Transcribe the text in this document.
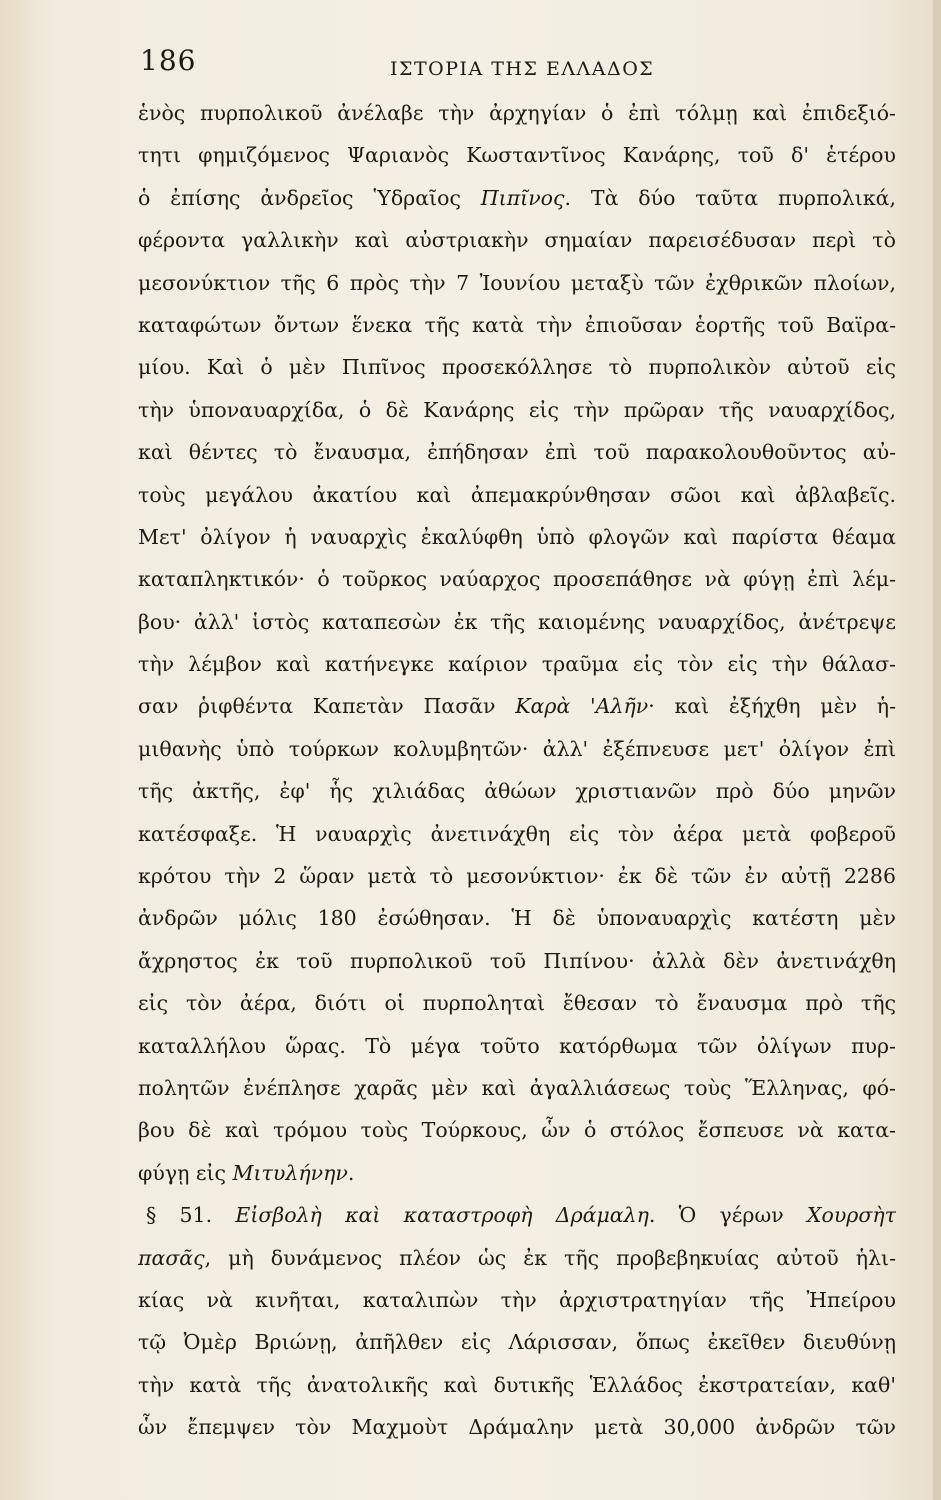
186	ΙΣΤΟΡΙΑ ΤΗΣ ΕΛΛΑΔΟΣ
ἑνὸς πυρπολικοῦ ἀνέλαβε τὴν ἀρχηγίαν ὁ ἐπὶ τόλμῃ καὶ ἐπιδεξιό-
τητι φημιζόμενος Ψαριανὸς Κωσταντῖνος Κανάρης, τοῦ δ' ἑτέρου
ὁ ἐπίσης ἀνδρεῖος Ὑδραῖος Πιπῖνος. Τὰ δύο ταῦτα πυρπολικά,
φέροντα γαλλικὴν καὶ αὐστριακὴν σημαίαν παρεισέδυσαν περὶ τὸ
μεσονύκτιον τῆς 6 πρὸς τὴν 7 Ἰουνίου μεταξὺ τῶν ἐχθρικῶν πλοίων,
καταφώτων ὄντων ἕνεκα τῆς κατὰ τὴν ἐπιοῦσαν ἑορτῆς τοῦ Βαϊρα-
μίου. Καὶ ὁ μὲν Πιπῖνος προσεκόλλησε τὸ πυρπολικὸν αὐτοῦ εἰς
τὴν ὑποναυαρχίδα, ὁ δὲ Κανάρης εἰς τὴν πρῶραν τῆς ναυαρχίδος,
καὶ θέντες τὸ ἔναυσμα, ἐπήδησαν ἐπὶ τοῦ παρακολουθοῦντος αὐ-
τοὺς μεγάλου ἀκατίου καὶ ἀπεμακρύνθησαν σῶοι καὶ ἀβλαβεῖς.
Μετ' ὀλίγον ἡ ναυαρχὶς ἐκαλύφθη ὑπὸ φλογῶν καὶ παρίστα θέαμα
καταπληκτικόν· ὁ τοῦρκος ναύαρχος προσεπάθησε νὰ φύγῃ ἐπὶ λέμ-
βου· ἀλλ' ἱστὸς καταπεσὼν ἐκ τῆς καιομένης ναυαρχίδος, ἀνέτρεψε
τὴν λέμβον καὶ κατήνεγκε καίριον τραῦμα εἰς τὸν εἰς τὴν θάλασ-
σαν ῥιφθέντα Καπετὰν Πασᾶν Καρὰ 'Αλῆν· καὶ ἐξήχθη μὲν ἡ-
μιθανὴς ὑπὸ τούρκων κολυμβητῶν· ἀλλ' ἐξέπνευσε μετ' ὀλίγον ἐπὶ
τῆς ἀκτῆς, ἐφ' ἧς χιλιάδας ἀθώων χριστιανῶν πρὸ δύο μηνῶν
κατέσφαξε. Ἡ ναυαρχὶς ἀνετινάχθη εἰς τὸν ἀέρα μετὰ φοβεροῦ
κρότου τὴν 2 ὥραν μετὰ τὸ μεσονύκτιον· ἐκ δὲ τῶν ἐν αὐτῇ 2286
ἀνδρῶν μόλις 180 ἐσώθησαν. Ἡ δὲ ὑποναυαρχὶς κατέστη μὲν
ἄχρηστος ἐκ τοῦ πυρπολικοῦ τοῦ Πιπίνου· ἀλλὰ δὲν ἀνετινάχθη
εἰς τὸν ἀέρα, διότι οἱ πυρποληταὶ ἔθεσαν τὸ ἔναυσμα πρὸ τῆς
καταλλήλου ὥρας. Τὸ μέγα τοῦτο κατόρθωμα τῶν ὀλίγων πυρ-
πολητῶν ἐνέπλησε χαρᾶς μὲν καὶ ἀγαλλιάσεως τοὺς Ἕλληνας, φό-
βου δὲ καὶ τρόμου τοὺς Τούρκους, ὧν ὁ στόλος ἔσπευσε νὰ κατα-
φύγῃ εἰς Μιτυλήνην.
§ 51. Εἰσβολὴ καὶ καταστροφὴ Δράμαλη. Ὁ γέρων Χουρσὴτ
πασᾶς, μὴ δυνάμενος πλέον ὡς ἐκ τῆς προβεβηκυίας αὐτοῦ ἡλι-
κίας νὰ κινῆται, καταλιπὼν τὴν ἀρχιστρατηγίαν τῆς Ἠπείρου
τῷ Ὀμὲρ Βριώνῃ, ἀπῆλθεν εἰς Λάρισσαν, ὅπως ἐκεῖθεν διευθύνῃ
τὴν κατὰ τῆς ἀνατολικῆς καὶ δυτικῆς Ἑλλάδος ἐκστρατείαν, καθ'
ὧν ἔπεμψεν τὸν Μαχμοὺτ Δράμαλην μετὰ 30,000 ἀνδρῶν τῶν
